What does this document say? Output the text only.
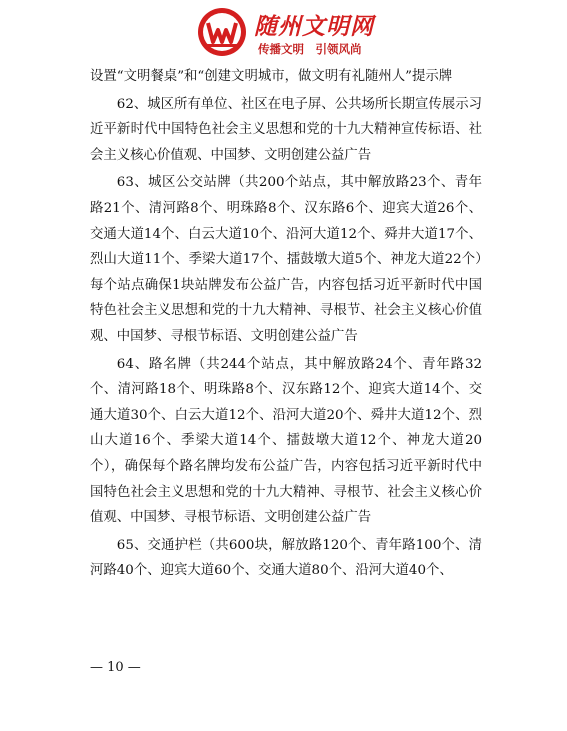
随州文明网
传播文明　引领风尚

设置“文明餐桌”和“创建文明城市，做文明有礼随州人”提示牌

62、城区所有单位、社区在电子屏、公共场所长期宣传展示习近平新时代中国特色社会主义思想和党的十九大精神宣传标语、社会主义核心价值观、中国梦、文明创建公益广告

63、城区公交站牌（共200个站点，其中解放路23个、青年路21个、清河路8个、明珠路8个、汉东路6个、迎宾大道26个、交通大道14个、白云大道10个、沿河大道12个、舜井大道17个、烈山大道11个、季梁大道17个、擂鼓墩大道5个、神龙大道22个）每个站点确保1块站牌发布公益广告，内容包括习近平新时代中国特色社会主义思想和党的十九大精神、寻根节、社会主义核心价值观、中国梦、寻根节标语、文明创建公益广告

64、路名牌（共244个站点，其中解放路24个、青年路32个、清河路18个、明珠路8个、汉东路12个、迎宾大道14个、交通大道30个、白云大道12个、沿河大道20个、舜井大道12个、烈山大道16个、季梁大道14个、擂鼓墩大道12个、神龙大道20个），确保每个路名牌均发布公益广告，内容包括习近平新时代中国特色社会主义思想和党的十九大精神、寻根节、社会主义核心价值观、中国梦、寻根节标语、文明创建公益广告

65、交通护栏（共600块，解放路120个、青年路100个、清河路40个、迎宾大道60个、交通大道80个、沿河大道40个、

— 10 —
